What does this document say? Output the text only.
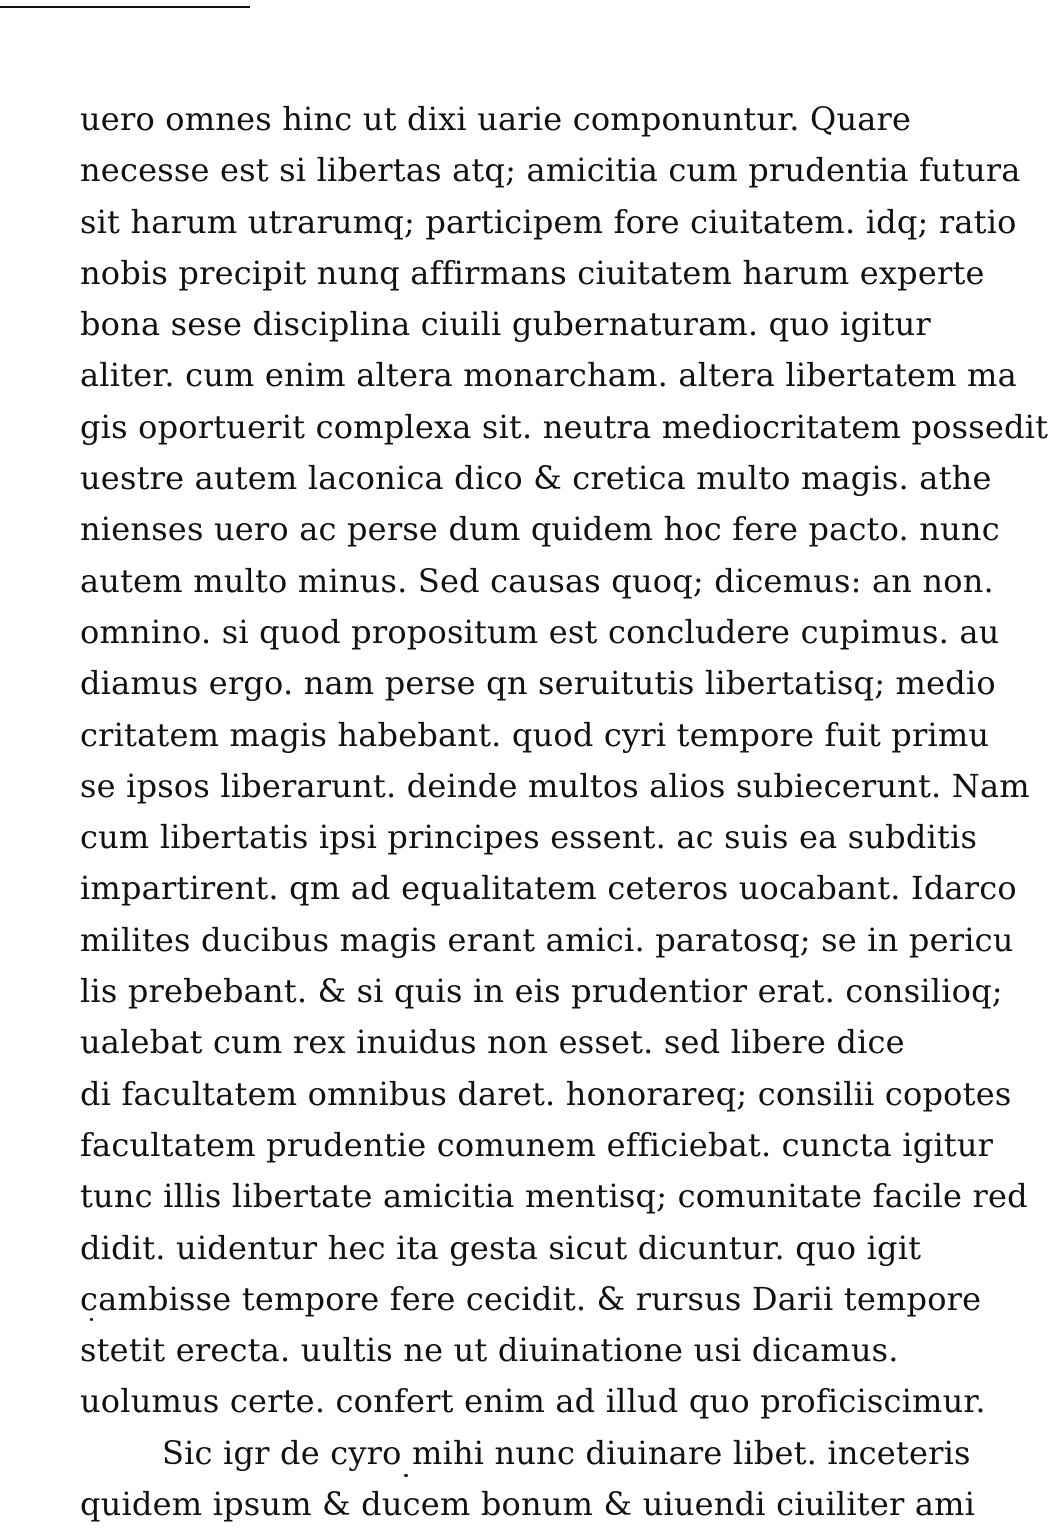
uero omnes hinc ut dixi uarie componuntur. Quare
necesse est si libertas atq; amicitia cum prudentia futura
sit harum utrarumq; participem fore ciuitatem. idq; ratio
nobis precipit nunq affirmans ciuitatem harum experte
bona sese disciplina ciuili gubernaturam. quo igitur
aliter. cum enim altera monarcham. altera libertatem ma
gis oportuerit complexa sit. neutra mediocritatem possedit
uestre autem laconica dico & cretica multo magis. athe
nienses uero ac perse dum quidem hoc fere pacto. nunc
autem multo minus. Sed causas quoq; dicemus: an non.
omnino. si quod propositum est concludere cupimus. au
diamus ergo. nam perse qn seruitutis libertatisq; medio
critatem magis habebant. quod cyri tempore fuit primu
se ipsos liberarunt. deinde multos alios subiecerunt. Nam
cum libertatis ipsi principes essent. ac suis ea subditis
impartirent. qm ad equalitatem ceteros uocabant. Idarco
milites ducibus magis erant amici. paratosq; se in pericu
lis prebebant. & si quis in eis prudentior erat. consilioq;
ualebat cum rex inuidus non esset. sed libere dice
di facultatem omnibus daret. honorareq; consilii copotes
facultatem prudentie comunem efficiebat. cuncta igitur
tunc illis libertate amicitia mentisq; comunitate facile red
didit. uidentur hec ita gesta sicut dicuntur. quo igit
cambisse tempore fere cecidit. & rursus Darii tempore
stetit erecta. uultis ne ut diuinatione usi dicamus.
uolumus certe. confert enim ad illud quo proficiscimur.
Sic igr de cyro mihi nunc diuinare libet. inceteris
quidem ipsum & ducem bonum & uiuendi ciuiliter ami
